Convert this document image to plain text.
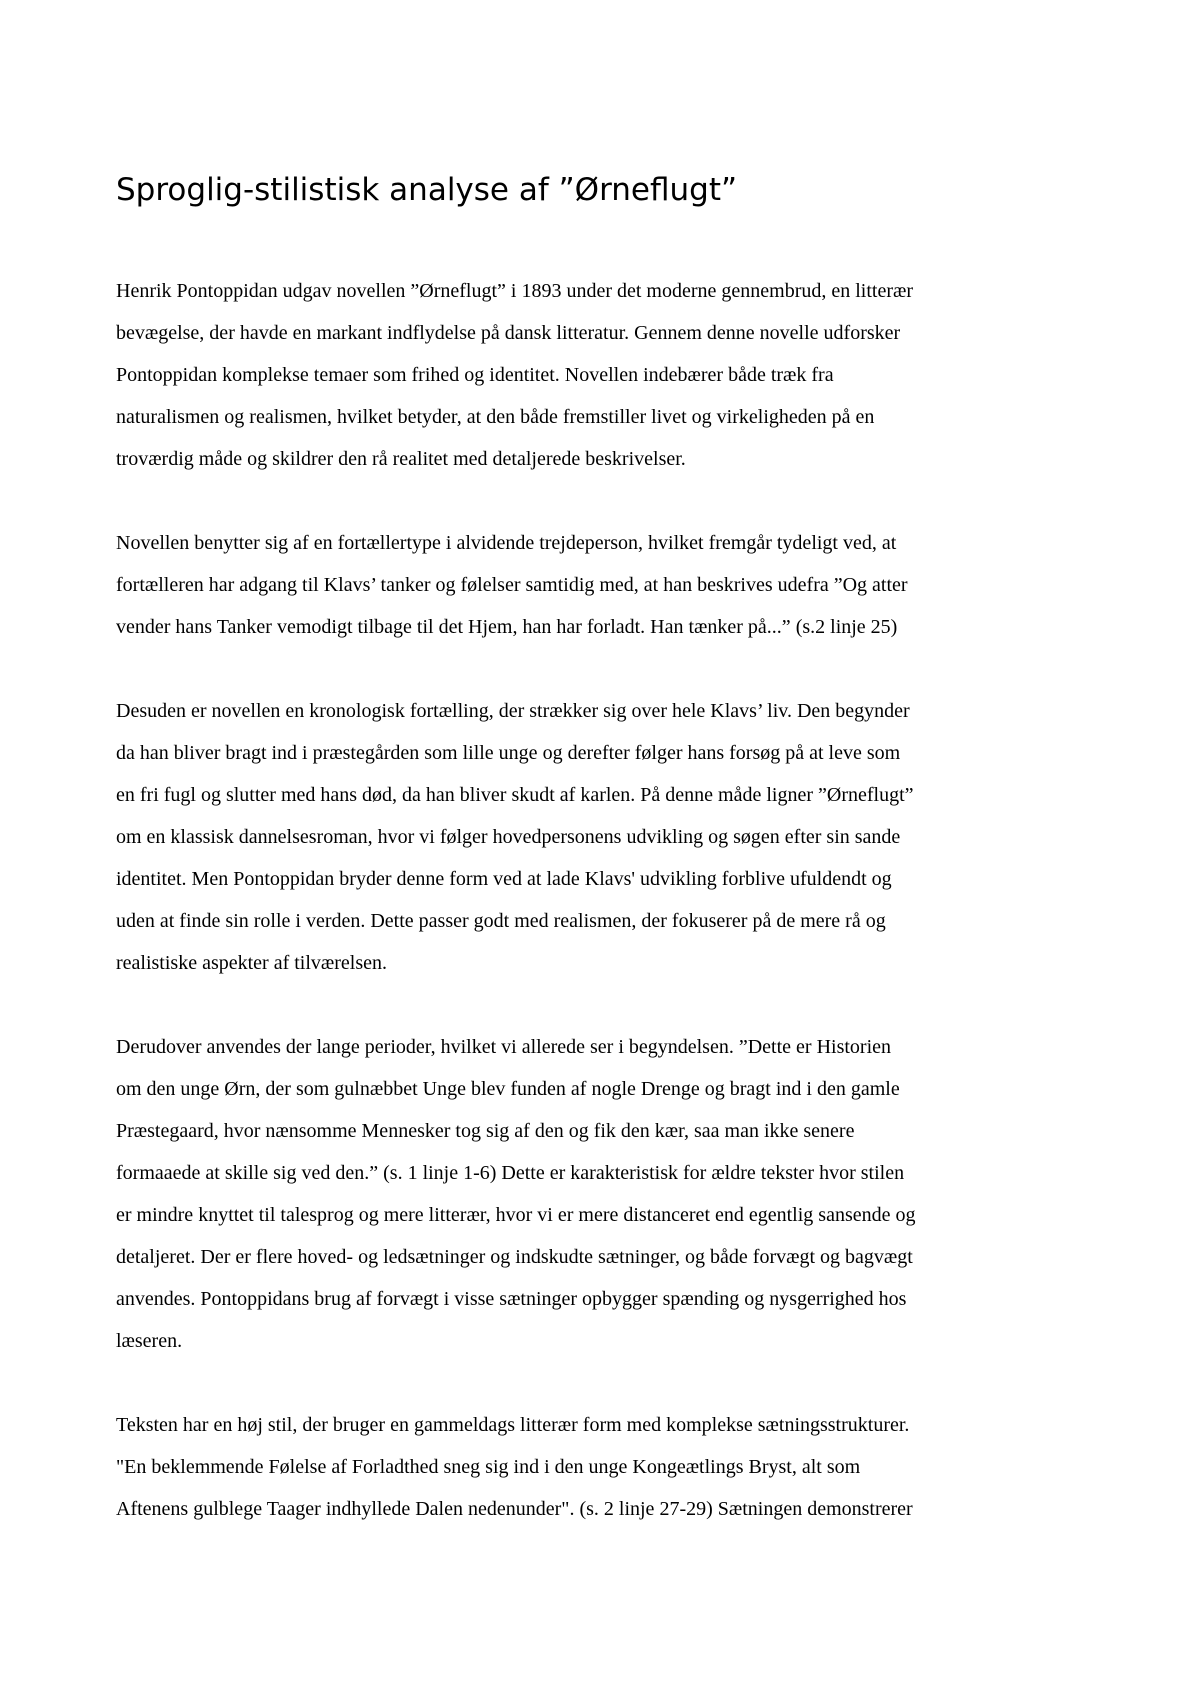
Sproglig-stilistisk analyse af ”Ørneflugt”

Henrik Pontoppidan udgav novellen ”Ørneflugt” i 1893 under det moderne gennembrud, en litterær
bevægelse, der havde en markant indflydelse på dansk litteratur. Gennem denne novelle udforsker
Pontoppidan komplekse temaer som frihed og identitet. Novellen indebærer både træk fra
naturalismen og realismen, hvilket betyder, at den både fremstiller livet og virkeligheden på en
troværdig måde og skildrer den rå realitet med detaljerede beskrivelser.

Novellen benytter sig af en fortællertype i alvidende trejdeperson, hvilket fremgår tydeligt ved, at
fortælleren har adgang til Klavs’ tanker og følelser samtidig med, at han beskrives udefra ”Og atter
vender hans Tanker vemodigt tilbage til det Hjem, han har forladt. Han tænker på...” (s.2 linje 25)

Desuden er novellen en kronologisk fortælling, der strækker sig over hele Klavs’ liv. Den begynder
da han bliver bragt ind i præstegården som lille unge og derefter følger hans forsøg på at leve som
en fri fugl og slutter med hans død, da han bliver skudt af karlen. På denne måde ligner ”Ørneflugt”
om en klassisk dannelsesroman, hvor vi følger hovedpersonens udvikling og søgen efter sin sande
identitet. Men Pontoppidan bryder denne form ved at lade Klavs' udvikling forblive ufuldendt og
uden at finde sin rolle i verden. Dette passer godt med realismen, der fokuserer på de mere rå og
realistiske aspekter af tilværelsen.

Derudover anvendes der lange perioder, hvilket vi allerede ser i begyndelsen. ”Dette er Historien
om den unge Ørn, der som gulnæbbet Unge blev funden af nogle Drenge og bragt ind i den gamle
Præstegaard, hvor nænsomme Mennesker tog sig af den og fik den kær, saa man ikke senere
formaaede at skille sig ved den.” (s. 1 linje 1-6) Dette er karakteristisk for ældre tekster hvor stilen
er mindre knyttet til talesprog og mere litterær, hvor vi er mere distanceret end egentlig sansende og
detaljeret. Der er flere hoved- og ledsætninger og indskudte sætninger, og både forvægt og bagvægt
anvendes. Pontoppidans brug af forvægt i visse sætninger opbygger spænding og nysgerrighed hos
læseren.

Teksten har en høj stil, der bruger en gammeldags litterær form med komplekse sætningsstrukturer.
"En beklemmende Følelse af Forladthed sneg sig ind i den unge Kongeætlings Bryst, alt som
Aftenens gulblege Taager indhyllede Dalen nedenunder". (s. 2 linje 27-29) Sætningen demonstrerer
